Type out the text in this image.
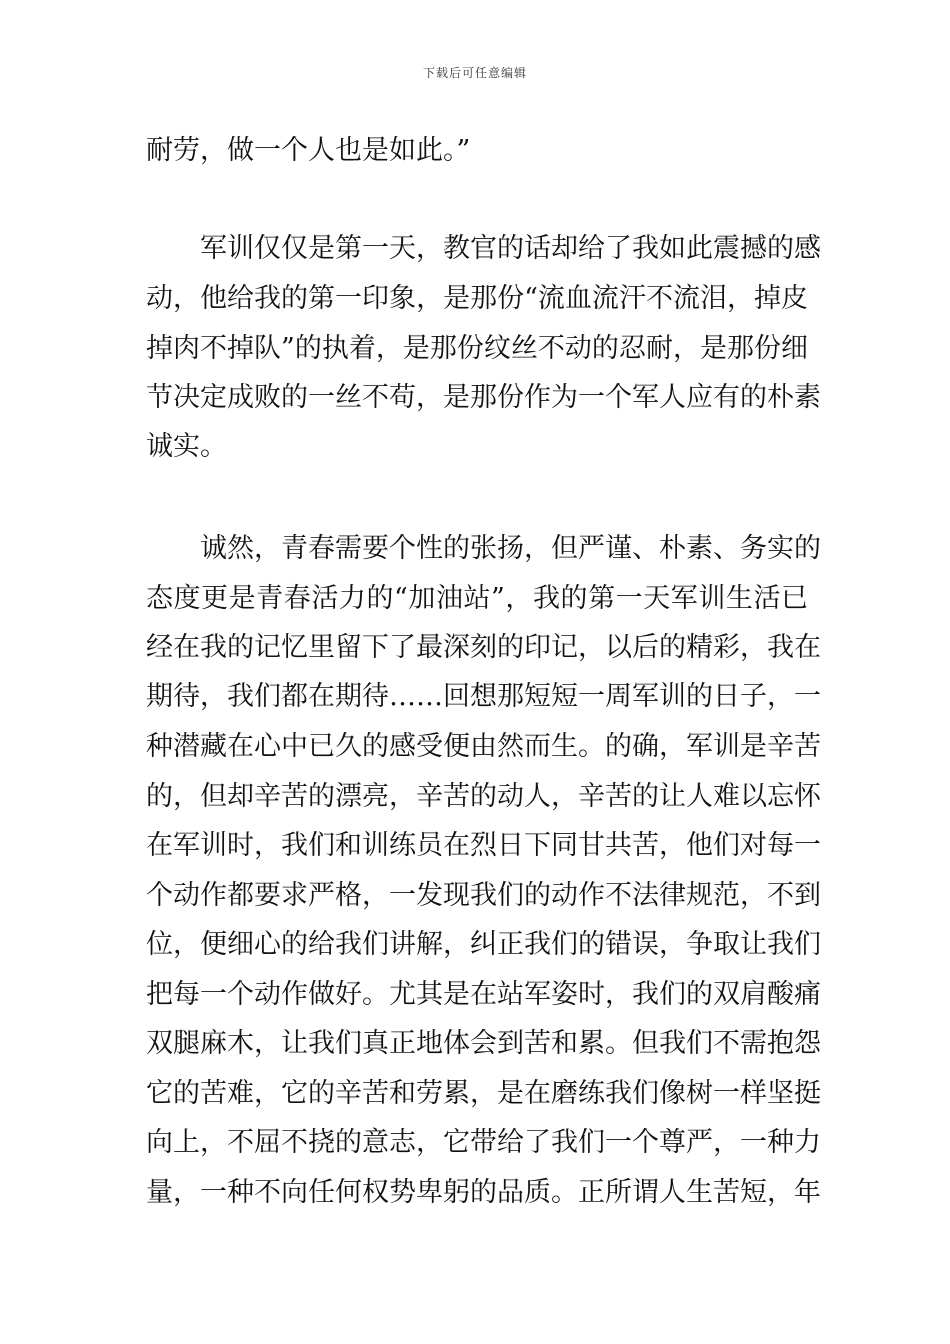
下载后可任意编辑
耐劳，做一个人也是如此。”
军训仅仅是第一天，教官的话却给了我如此震撼的感
动，他给我的第一印象，是那份“流血流汗不流泪，掉皮
掉肉不掉队”的执着，是那份纹丝不动的忍耐，是那份细
节决定成败的一丝不苟，是那份作为一个军人应有的朴素
诚实。
诚然，青春需要个性的张扬，但严谨、朴素、务实的
态度更是青春活力的“加油站”，我的第一天军训生活已
经在我的记忆里留下了最深刻的印记，以后的精彩，我在
期待，我们都在期待……回想那短短一周军训的日子，一
种潜藏在心中已久的感受便由然而生。的确，军训是辛苦
的，但却辛苦的漂亮，辛苦的动人，辛苦的让人难以忘怀
在军训时，我们和训练员在烈日下同甘共苦，他们对每一
个动作都要求严格，一发现我们的动作不法律规范，不到
位，便细心的给我们讲解，纠正我们的错误，争取让我们
把每一个动作做好。尤其是在站军姿时，我们的双肩酸痛
双腿麻木，让我们真正地体会到苦和累。但我们不需抱怨
它的苦难，它的辛苦和劳累，是在磨练我们像树一样坚挺
向上，不屈不挠的意志，它带给了我们一个尊严，一种力
量，一种不向任何权势卑躬的品质。正所谓人生苦短，年
